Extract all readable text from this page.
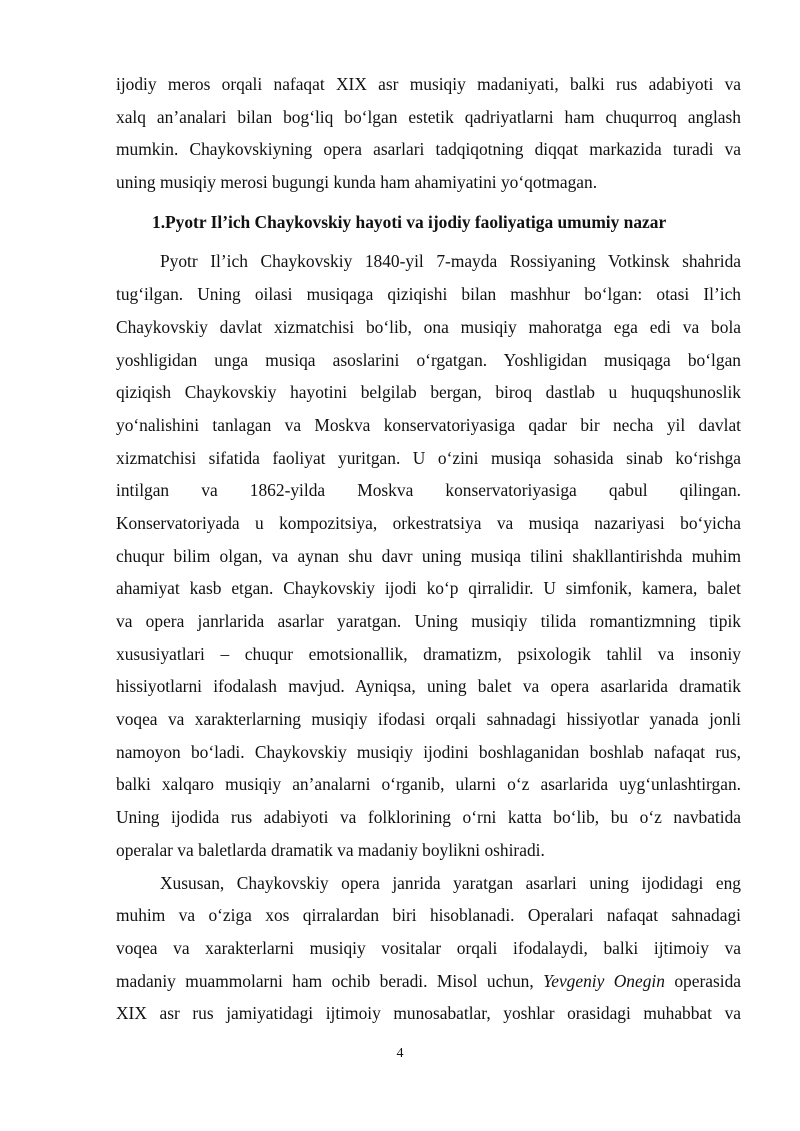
ijodiy meros orqali nafaqat XIX asr musiqiy madaniyati, balki rus adabiyoti va
xalq an’analari bilan bog‘liq bo‘lgan estetik qadriyatlarni ham chuqurroq anglash
mumkin. Chaykovskiyning opera asarlari tadqiqotning diqqat markazida turadi va
uning musiqiy merosi bugungi kunda ham ahamiyatini yo‘qotmagan.
1.Pyotr Il’ich Chaykovskiy hayoti va ijodiy faoliyatiga umumiy nazar
Pyotr Il’ich Chaykovskiy 1840-yil 7-mayda Rossiyaning Votkinsk shahrida
tug‘ilgan. Uning oilasi musiqaga qiziqishi bilan mashhur bo‘lgan: otasi Il’ich
Chaykovskiy davlat xizmatchisi bo‘lib, ona musiqiy mahoratga ega edi va bola
yoshligidan unga musiqa asoslarini o‘rgatgan. Yoshligidan musiqaga bo‘lgan
qiziqish Chaykovskiy hayotini belgilab bergan, biroq dastlab u huquqshunoslik
yo‘nalishini tanlagan va Moskva konservatoriyasiga qadar bir necha yil davlat
xizmatchisi sifatida faoliyat yuritgan. U o‘zini musiqa sohasida sinab ko‘rishga
intilgan va 1862-yilda Moskva konservatoriyasiga qabul qilingan.
Konservatoriyada u kompozitsiya, orkestratsiya va musiqa nazariyasi bo‘yicha
chuqur bilim olgan, va aynan shu davr uning musiqa tilini shakllantirishda muhim
ahamiyat kasb etgan. Chaykovskiy ijodi ko‘p qirralidir. U simfonik, kamera, balet
va opera janrlarida asarlar yaratgan. Uning musiqiy tilida romantizmning tipik
xususiyatlari – chuqur emotsionallik, dramatizm, psixologik tahlil va insoniy
hissiyotlarni ifodalash mavjud. Ayniqsa, uning balet va opera asarlarida dramatik
voqea va xarakterlarning musiqiy ifodasi orqali sahnadagi hissiyotlar yanada jonli
namoyon bo‘ladi. Chaykovskiy musiqiy ijodini boshlaganidan boshlab nafaqat rus,
balki xalqaro musiqiy an’analarni o‘rganib, ularni o‘z asarlarida uyg‘unlashtirgan.
Uning ijodida rus adabiyoti va folklorining o‘rni katta bo‘lib, bu o‘z navbatida
operalar va baletlarda dramatik va madaniy boylikni oshiradi.
Xususan, Chaykovskiy opera janrida yaratgan asarlari uning ijodidagi eng
muhim va o‘ziga xos qirralardan biri hisoblanadi. Operalari nafaqat sahnadagi
voqea va xarakterlarni musiqiy vositalar orqali ifodalaydi, balki ijtimoiy va
madaniy muammolarni ham ochib beradi. Misol uchun, Yevgeniy Onegin operasida
XIX asr rus jamiyatidagi ijtimoiy munosabatlar, yoshlar orasidagi muhabbat va
4
